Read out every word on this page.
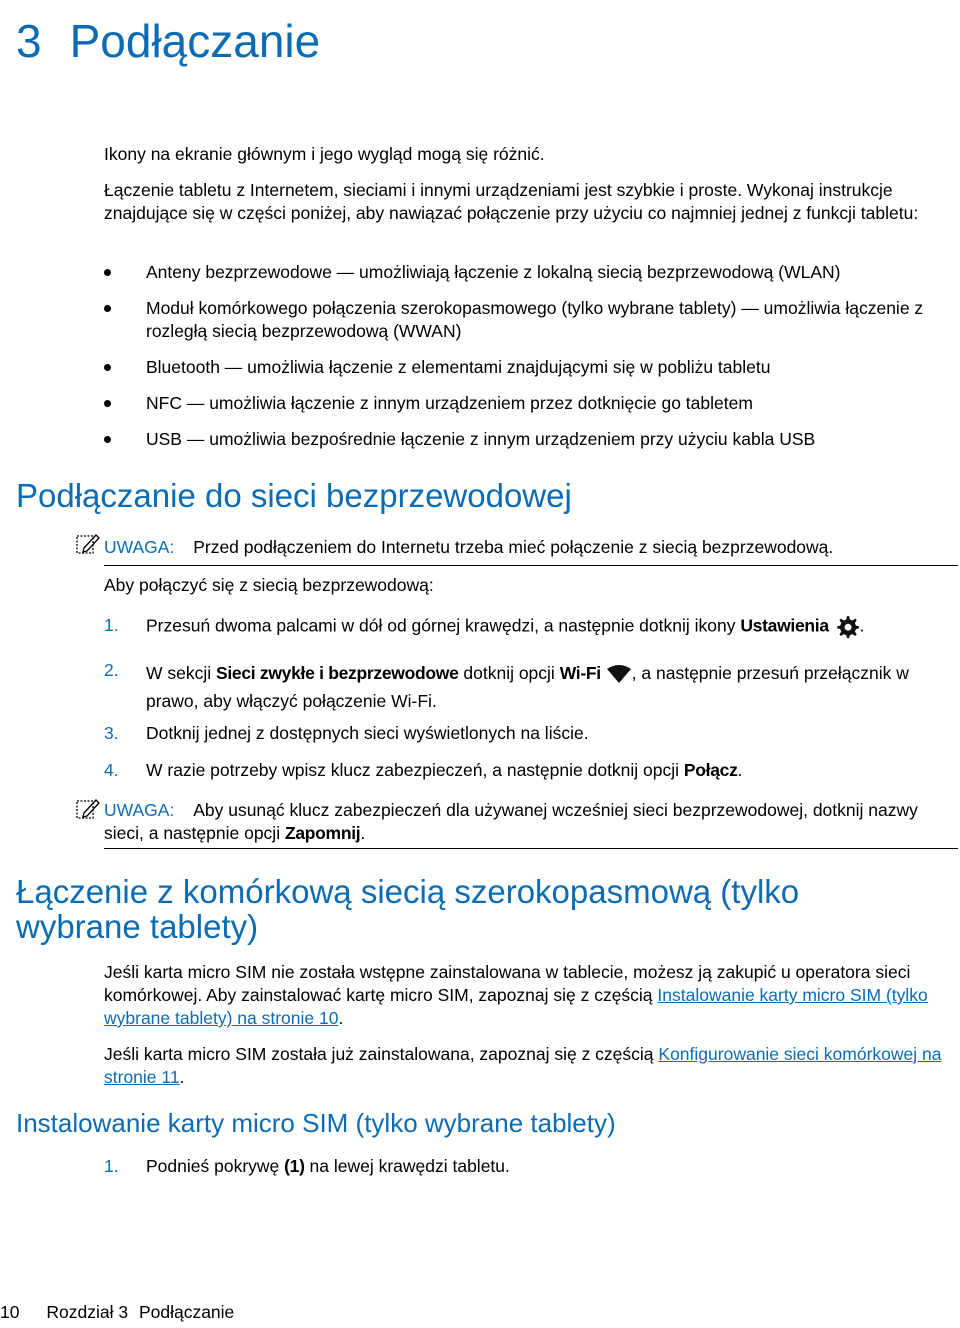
3 Podłączanie
Ikony na ekranie głównym i jego wygląd mogą się różnić.
Łączenie tabletu z Internetem, sieciami i innymi urządzeniami jest szybkie i proste. Wykonaj instrukcje znajdujące się w części poniżej, aby nawiązać połączenie przy użyciu co najmniej jednej z funkcji tabletu:
Anteny bezprzewodowe — umożliwiają łączenie z lokalną siecią bezprzewodową (WLAN)
Moduł komórkowego połączenia szerokopasmowego (tylko wybrane tablety) — umożliwia łączenie z rozległą siecią bezprzewodową (WWAN)
Bluetooth — umożliwia łączenie z elementami znajdującymi się w pobliżu tabletu
NFC — umożliwia łączenie z innym urządzeniem przez dotknięcie go tabletem
USB — umożliwia bezpośrednie łączenie z innym urządzeniem przy użyciu kabla USB
Podłączanie do sieci bezprzewodowej
UWAGA: Przed podłączeniem do Internetu trzeba mieć połączenie z siecią bezprzewodową.
Aby połączyć się z siecią bezprzewodową:
1. Przesuń dwoma palcami w dół od górnej krawędzi, a następnie dotknij ikony Ustawienia .
2. W sekcji Sieci zwykłe i bezprzewodowe dotknij opcji Wi-Fi , a następnie przesuń przełącznik w prawo, aby włączyć połączenie Wi-Fi.
3. Dotknij jednej z dostępnych sieci wyświetlonych na liście.
4. W razie potrzeby wpisz klucz zabezpieczeń, a następnie dotknij opcji Połącz.
UWAGA: Aby usunąć klucz zabezpieczeń dla używanej wcześniej sieci bezprzewodowej, dotknij nazwy sieci, a następnie opcji Zapomnij.
Łączenie z komórkową siecią szerokopasmową (tylko wybrane tablety)
Jeśli karta micro SIM nie została wstępne zainstalowana w tablecie, możesz ją zakupić u operatora sieci komórkowej. Aby zainstalować kartę micro SIM, zapoznaj się z częścią Instalowanie karty micro SIM (tylko wybrane tablety) na stronie 10.
Jeśli karta micro SIM została już zainstalowana, zapoznaj się z częścią Konfigurowanie sieci komórkowej na stronie 11.
Instalowanie karty micro SIM (tylko wybrane tablety)
1. Podnieś pokrywę (1) na lewej krawędzi tabletu.
10 Rozdział 3 Podłączanie
